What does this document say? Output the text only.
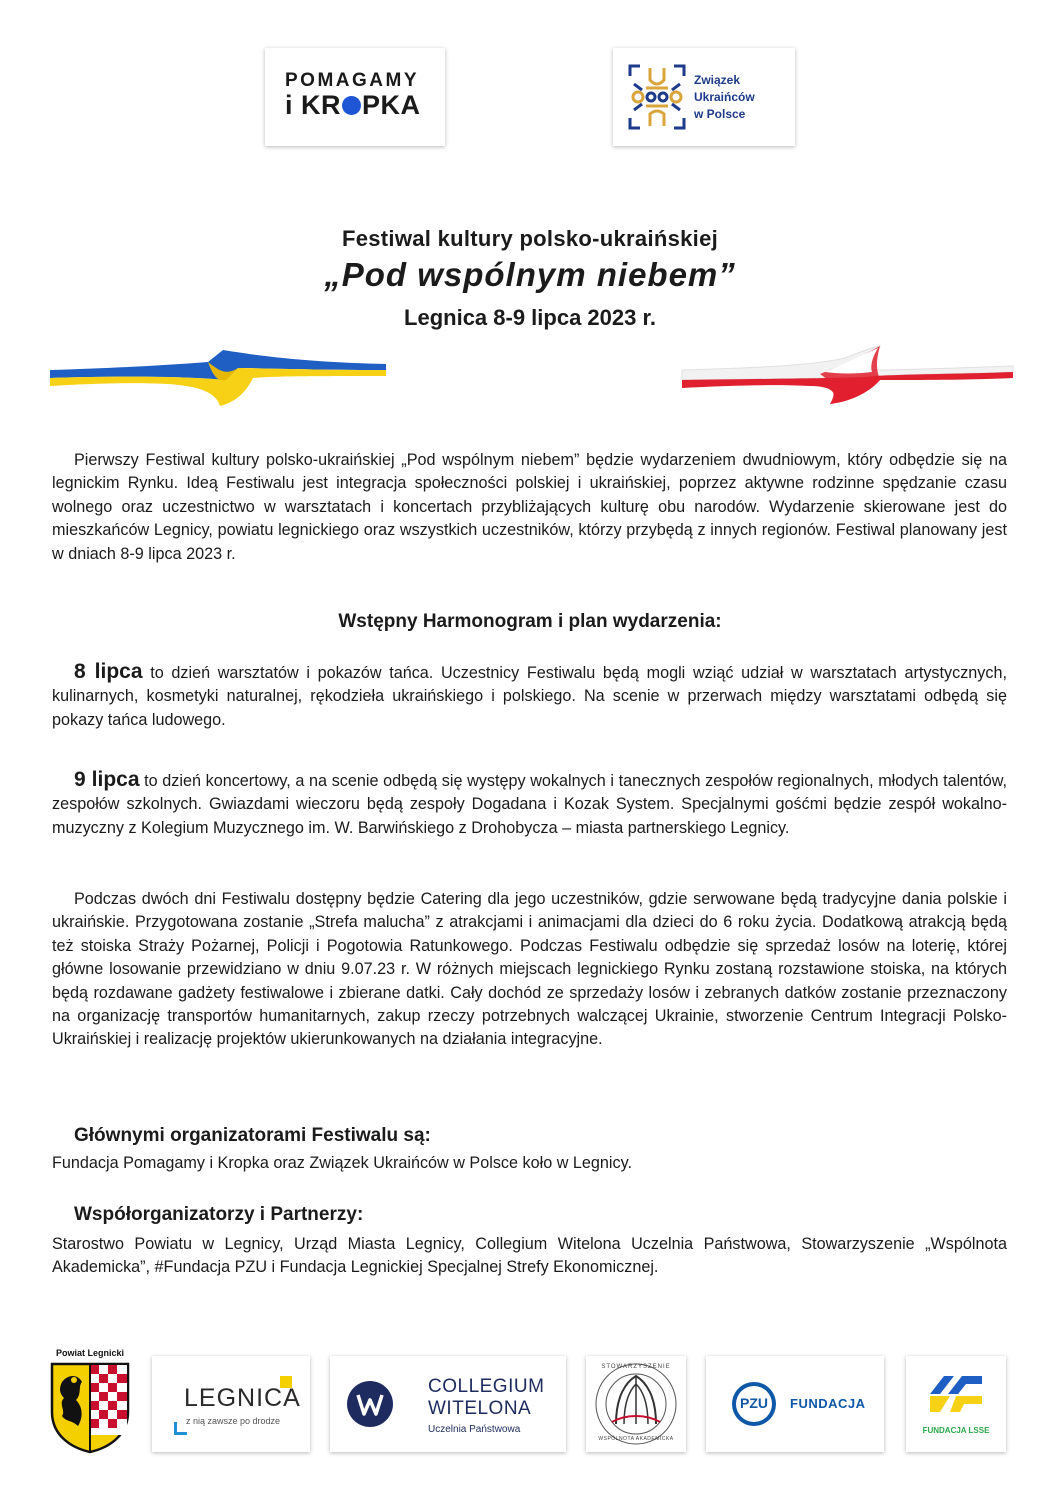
POMAGAMY
i KR PKA
Związek
Ukraińców
w Polsce
Festiwal kultury polsko-ukraińskiej
„Pod wspólnym niebem”
Legnica 8-9 lipca 2023 r.
Pierwszy Festiwal kultury polsko-ukraińskiej „Pod wspólnym niebem” będzie wydarzeniem dwudniowym, który odbędzie się na legnickim Rynku. Ideą Festiwalu jest integracja społeczności polskiej i ukraińskiej, poprzez aktywne rodzinne spędzanie czasu wolnego oraz uczestnictwo w warsztatach i koncertach przybliżających kulturę obu narodów. Wydarzenie skierowane jest do mieszkańców Legnicy, powiatu legnickiego oraz wszystkich uczestników, którzy przybędą z innych regionów. Festiwal planowany jest w dniach 8-9 lipca 2023 r.
Wstępny Harmonogram i plan wydarzenia:
8 lipca to dzień warsztatów i pokazów tańca. Uczestnicy Festiwalu będą mogli wziąć udział w warsztatach artystycznych, kulinarnych, kosmetyki naturalnej, rękodzieła ukraińskiego i polskiego. Na scenie w przerwach między warsztatami odbędą się pokazy tańca ludowego.
9 lipca to dzień koncertowy, a na scenie odbędą się występy wokalnych i tanecznych zespołów regionalnych, młodych talentów, zespołów szkolnych. Gwiazdami wieczoru będą zespoły Dogadana i Kozak System. Specjalnymi gośćmi będzie zespół wokalno-muzyczny z Kolegium Muzycznego im. W. Barwińskiego z Drohobycza – miasta partnerskiego Legnicy.
Podczas dwóch dni Festiwalu dostępny będzie Catering dla jego uczestników, gdzie serwowane będą tradycyjne dania polskie i ukraińskie. Przygotowana zostanie „Strefa malucha” z atrakcjami i animacjami dla dzieci do 6 roku życia. Dodatkową atrakcją będą też stoiska Straży Pożarnej, Policji i Pogotowia Ratunkowego. Podczas Festiwalu odbędzie się sprzedaż losów na loterię, której główne losowanie przewidziano w dniu 9.07.23 r. W różnych miejscach legnickiego Rynku zostaną rozstawione stoiska, na których będą rozdawane gadżety festiwalowe i zbierane datki. Cały dochód ze sprzedaży losów i zebranych datków zostanie przeznaczony na organizację transportów humanitarnych, zakup rzeczy potrzebnych walczącej Ukrainie, stworzenie Centrum Integracji Polsko-Ukraińskiej i realizację projektów ukierunkowanych na działania integracyjne.
Głównymi organizatorami Festiwalu są:
Fundacja Pomagamy i Kropka oraz Związek Ukraińców w Polsce koło w Legnicy.
Współorganizatorzy i Partnerzy:
Starostwo Powiatu w Legnicy, Urząd Miasta Legnicy, Collegium Witelona Uczelnia Państwowa, Stowarzyszenie „Wspólnota Akademicka”, #Fundacja PZU i Fundacja Legnickiej Specjalnej Strefy Ekonomicznej.
Powiat Legnicki
LEGNICA
z nią zawsze po drodze
COLLEGIUM
WITELONA
Uczelnia Państwowa
STOWARZYSZENIE
WSPÓLNOTA AKADEMICKA
PZU	FUNDACJA
FUNDACJA LSSE
